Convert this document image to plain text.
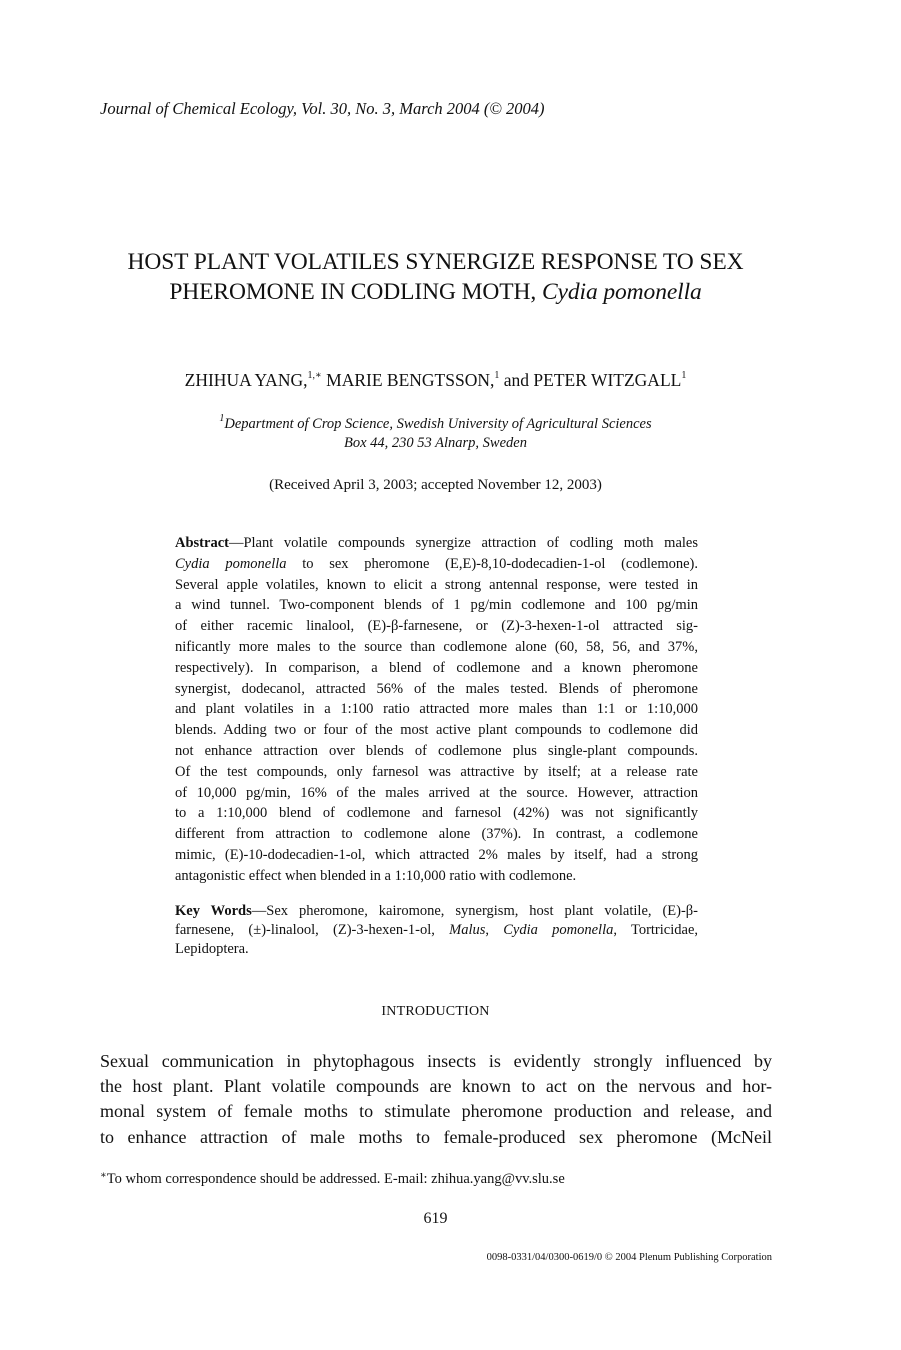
Journal of Chemical Ecology, Vol. 30, No. 3, March 2004 (© 2004)
HOST PLANT VOLATILES SYNERGIZE RESPONSE TO SEX
PHEROMONE IN CODLING MOTH, Cydia pomonella
ZHIHUA YANG,$^{1,∗}$ MARIE BENGTSSON,$^1$ and PETER WITZGALL$^1$
$^1$Department of Crop Science, Swedish University of Agricultural Sciences
Box 44, 230 53 Alnarp, Sweden
(Received April 3, 2003; accepted November 12, 2003)
Abstract—Plant volatile compounds synergize attraction of codling moth males
Cydia pomonella to sex pheromone (E,E)-8,10-dodecadien-1-ol (codlemone).
Several apple volatiles, known to elicit a strong antennal response, were tested in
a wind tunnel. Two-component blends of 1 pg/min codlemone and 100 pg/min
of either racemic linalool, (E)-β-farnesene, or (Z)-3-hexen-1-ol attracted sig-
nificantly more males to the source than codlemone alone (60, 58, 56, and 37%,
respectively). In comparison, a blend of codlemone and a known pheromone
synergist, dodecanol, attracted 56% of the males tested. Blends of pheromone
and plant volatiles in a 1:100 ratio attracted more males than 1:1 or 1:10,000
blends. Adding two or four of the most active plant compounds to codlemone did
not enhance attraction over blends of codlemone plus single-plant compounds.
Of the test compounds, only farnesol was attractive by itself; at a release rate
of 10,000 pg/min, 16% of the males arrived at the source. However, attraction
to a 1:10,000 blend of codlemone and farnesol (42%) was not significantly
different from attraction to codlemone alone (37%). In contrast, a codlemone
mimic, (E)-10-dodecadien-1-ol, which attracted 2% males by itself, had a strong
antagonistic effect when blended in a 1:10,000 ratio with codlemone.
Key Words—Sex pheromone, kairomone, synergism, host plant volatile, (E)-β-
farnesene, (±)-linalool, (Z)-3-hexen-1-ol, Malus, Cydia pomonella, Tortricidae,
Lepidoptera.
INTRODUCTION
Sexual communication in phytophagous insects is evidently strongly influenced by
the host plant. Plant volatile compounds are known to act on the nervous and hor-
monal system of female moths to stimulate pheromone production and release, and
to enhance attraction of male moths to female-produced sex pheromone (McNeil
∗To whom correspondence should be addressed. E-mail: zhihua.yang@vv.slu.se
619
0098-0331/04/0300-0619/0 © 2004 Plenum Publishing Corporation
